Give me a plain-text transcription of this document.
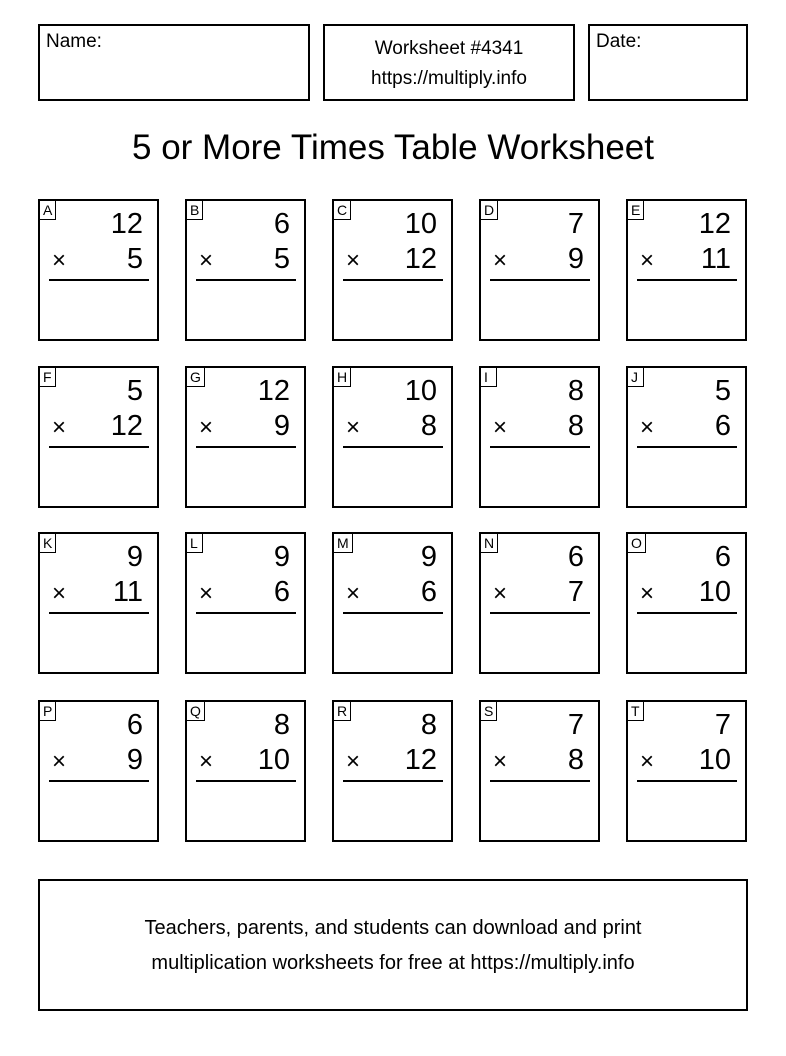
Name:	Worksheet #4341
https://multiply.info
Date:
5 or More Times Table Worksheet
A 12
× 5
B	6
× 5
C 10
× 12
D	7
× 9
E 12
× 11
F	5
× 12
G 12
× 9
H 10
× 8
I	8
× 8
J	5
× 6
K	9
× 11
L	9
× 6
M 9
× 6
N	6
× 7
O	6
× 10
P	6
× 9
Q	8
× 10
R	8
× 12
S	7
× 8
T	7
× 10
Teachers, parents, and students can download and print
multiplication worksheets for free at https://multiply.info
